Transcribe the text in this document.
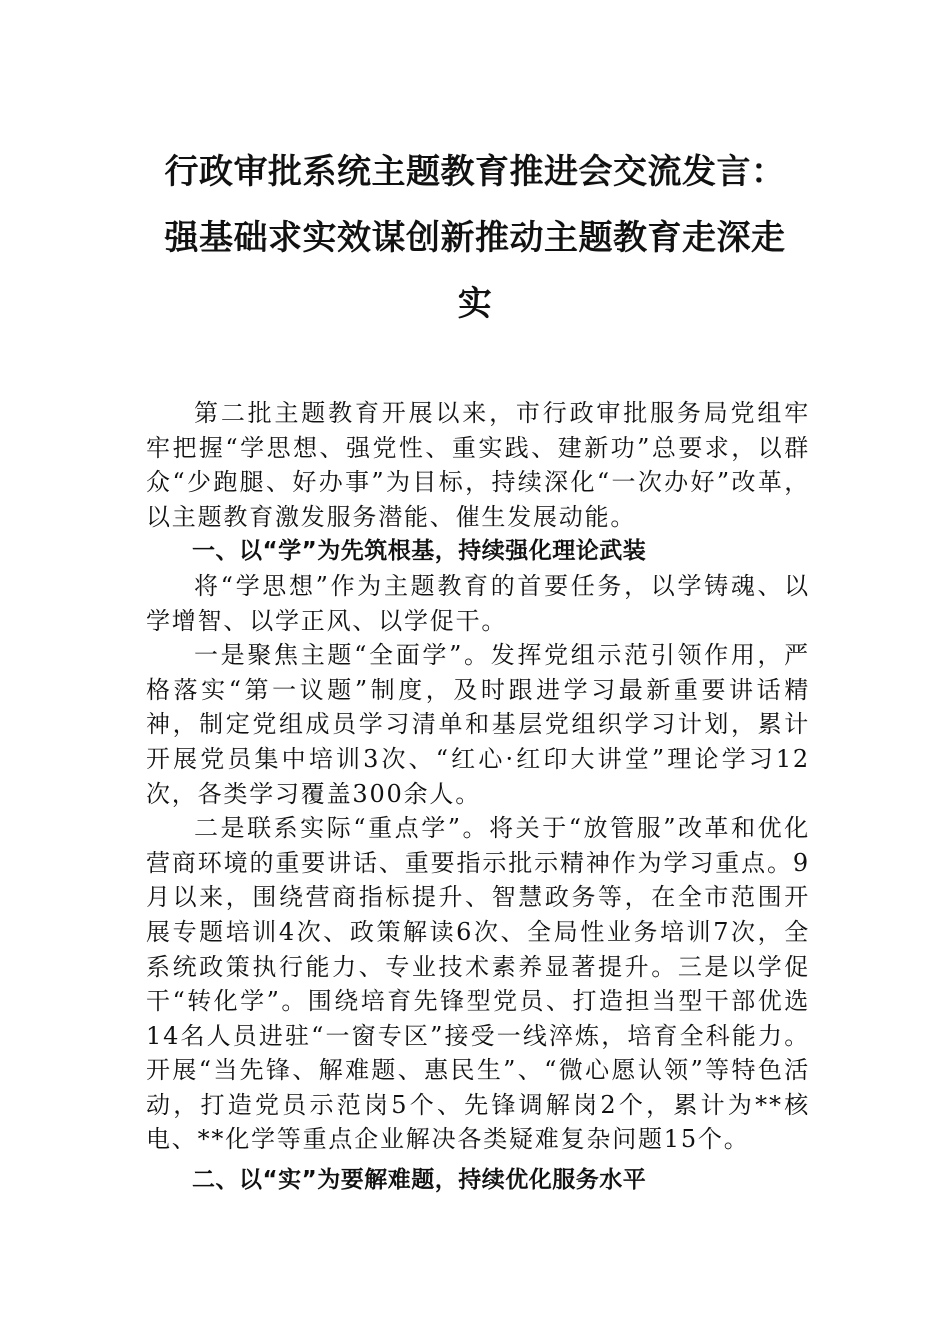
行政审批系统主题教育推进会交流发言：
强基础求实效谋创新推动主题教育走深走
实

第二批主题教育开展以来，市行政审批服务局党组牢牢把握“学思想、强党性、重实践、建新功”总要求，以群众“少跑腿、好办事”为目标，持续深化“一次办好”改革，以主题教育激发服务潜能、催生发展动能。

一、以“学”为先筑根基，持续强化理论武装

将“学思想”作为主题教育的首要任务，以学铸魂、以学增智、以学正风、以学促干。

一是聚焦主题“全面学”。发挥党组示范引领作用，严格落实“第一议题”制度，及时跟进学习最新重要讲话精神，制定党组成员学习清单和基层党组织学习计划，累计开展党员集中培训3次、“红心·红印大讲堂”理论学习12次，各类学习覆盖300余人。

二是联系实际“重点学”。将关于“放管服”改革和优化营商环境的重要讲话、重要指示批示精神作为学习重点。9月以来，围绕营商指标提升、智慧政务等，在全市范围开展专题培训4次、政策解读6次、全局性业务培训7次，全系统政策执行能力、专业技术素养显著提升。三是以学促干“转化学”。围绕培育先锋型党员、打造担当型干部优选14名人员进驻“一窗专区”接受一线淬炼，培育全科能力。开展“当先锋、解难题、惠民生”、“微心愿认领”等特色活动，打造党员示范岗5个、先锋调解岗2个，累计为**核电、**化学等重点企业解决各类疑难复杂问题15个。

二、以“实”为要解难题，持续优化服务水平
